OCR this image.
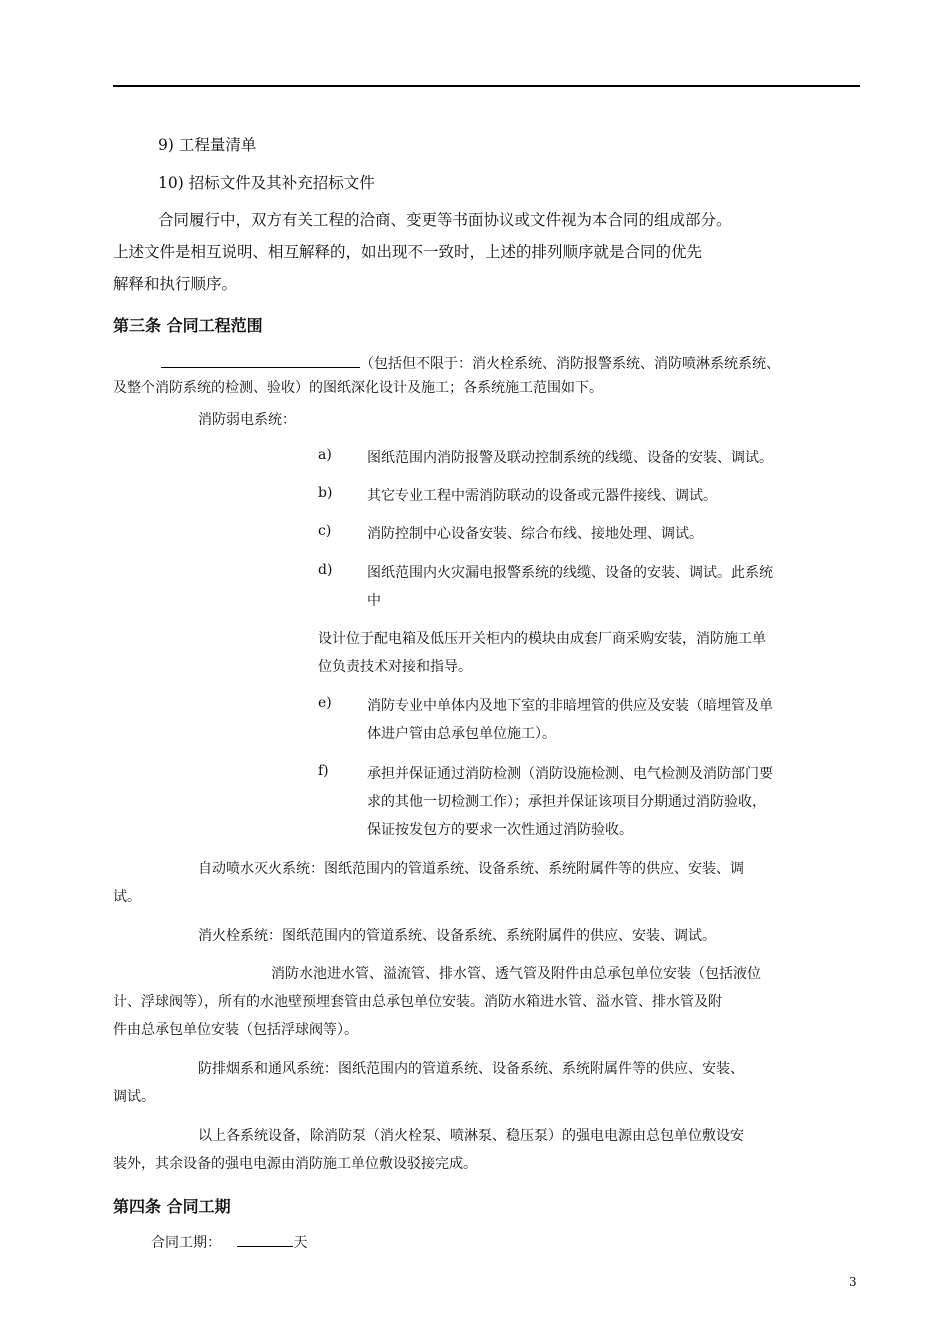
9) 工程量清单
10) 招标文件及其补充招标文件
合同履行中，双方有关工程的洽商、变更等书面协议或文件视为本合同的组成部分。
上述文件是相互说明、相互解释的，如出现不一致时，上述的排列顺序就是合同的优先
解释和执行顺序。
第三条 合同工程范围
（包括但不限于：消火栓系统、消防报警系统、消防喷淋系统系统、
及整个消防系统的检测、验收）的图纸深化设计及施工；各系统施工范围如下。
消防弱电系统：
a)	图纸范围内消防报警及联动控制系统的线缆、设备的安装、调试。
b) 其它专业工程中需消防联动的设备或元器件接线、调试。
c)	消防控制中心设备安装、综合布线、接地处理、调试。
d) 图纸范围内火灾漏电报警系统的线缆、设备的安装、调试。此系统
中
设计位于配电箱及低压开关柜内的模块由成套厂商采购安装，消防施工单
位负责技术对接和指导。
e)	消防专业中单体内及地下室的非暗埋管的供应及安装（暗埋管及单
体进户管由总承包单位施工）。
f)	承担并保证通过消防检测（消防设施检测、电气检测及消防部门要
求的其他一切检测工作）；承担并保证该项目分期通过消防验收，
保证按发包方的要求一次性通过消防验收。
自动喷水灭火系统：图纸范围内的管道系统、设备系统、系统附属件等的供应、安装、调
试。
消火栓系统：图纸范围内的管道系统、设备系统、系统附属件的供应、安装、调试。
消防水池进水管、溢流管、排水管、透气管及附件由总承包单位安装（包括液位
计、浮球阀等），所有的水池壁预埋套管由总承包单位安装。消防水箱进水管、溢水管、排水管及附
件由总承包单位安装（包括浮球阀等）。
防排烟系和通风系统：图纸范围内的管道系统、设备系统、系统附属件等的供应、安装、
调试。
以上各系统设备，除消防泵（消火栓泵、喷淋泵、稳压泵）的强电电源由总包单位敷设安
装外，其余设备的强电电源由消防施工单位敷设驳接完成。
第四条 合同工期
合同工期：	天
3
